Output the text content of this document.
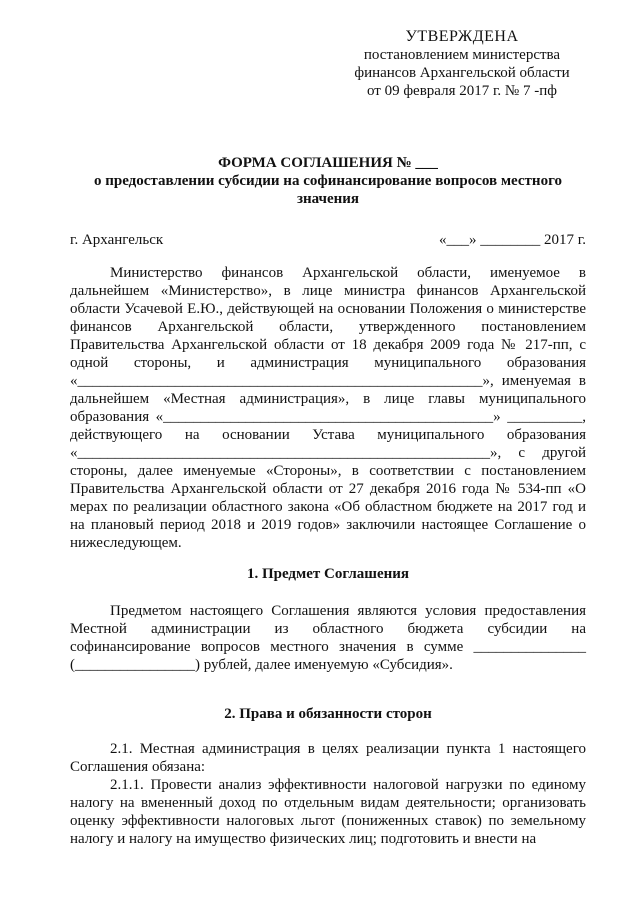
УТВЕРЖДЕНА
постановлением министерства
финансов Архангельской области
от 09 февраля 2017 г. № 7 -пф
ФОРМА СОГЛАШЕНИЯ № ___
о предоставлении субсидии на софинансирование вопросов местного значения
г. Архангельск	«___» ________ 2017 г.
Министерство финансов Архангельской области, именуемое в дальнейшем «Министерство», в лице министра финансов Архангельской области Усачевой Е.Ю., действующей на основании Положения о министерстве финансов Архангельской области, утвержденного постановлением Правительства Архангельской области от 18 декабря 2009 года № 217-пп, с одной стороны, и администрация муниципального образования «______________________________________________________», именуемая в дальнейшем «Местная администрация», в лице главы муниципального образования «____________________________________________» __________, действующего на основании Устава муниципального образования «_______________________________________________________», с другой стороны, далее именуемые «Стороны», в соответствии с постановлением Правительства Архангельской области от 27 декабря 2016 года № 534-пп «О мерах по реализации областного закона «Об областном бюджете на 2017 год и на плановый период 2018 и 2019 годов» заключили настоящее Соглашение о нижеследующем.
1. Предмет Соглашения
Предметом настоящего Соглашения являются условия предоставления Местной администрации из областного бюджета субсидии на софинансирование вопросов местного значения в сумме _______________ (________________) рублей, далее именуемую «Субсидия».
2. Права и обязанности сторон
2.1. Местная администрация в целях реализации пункта 1 настоящего Соглашения обязана:
2.1.1. Провести анализ эффективности налоговой нагрузки по единому налогу на вмененный доход по отдельным видам деятельности; организовать оценку эффективности налоговых льгот (пониженных ставок) по земельному налогу и налогу на имущество физических лиц; подготовить и внести на
